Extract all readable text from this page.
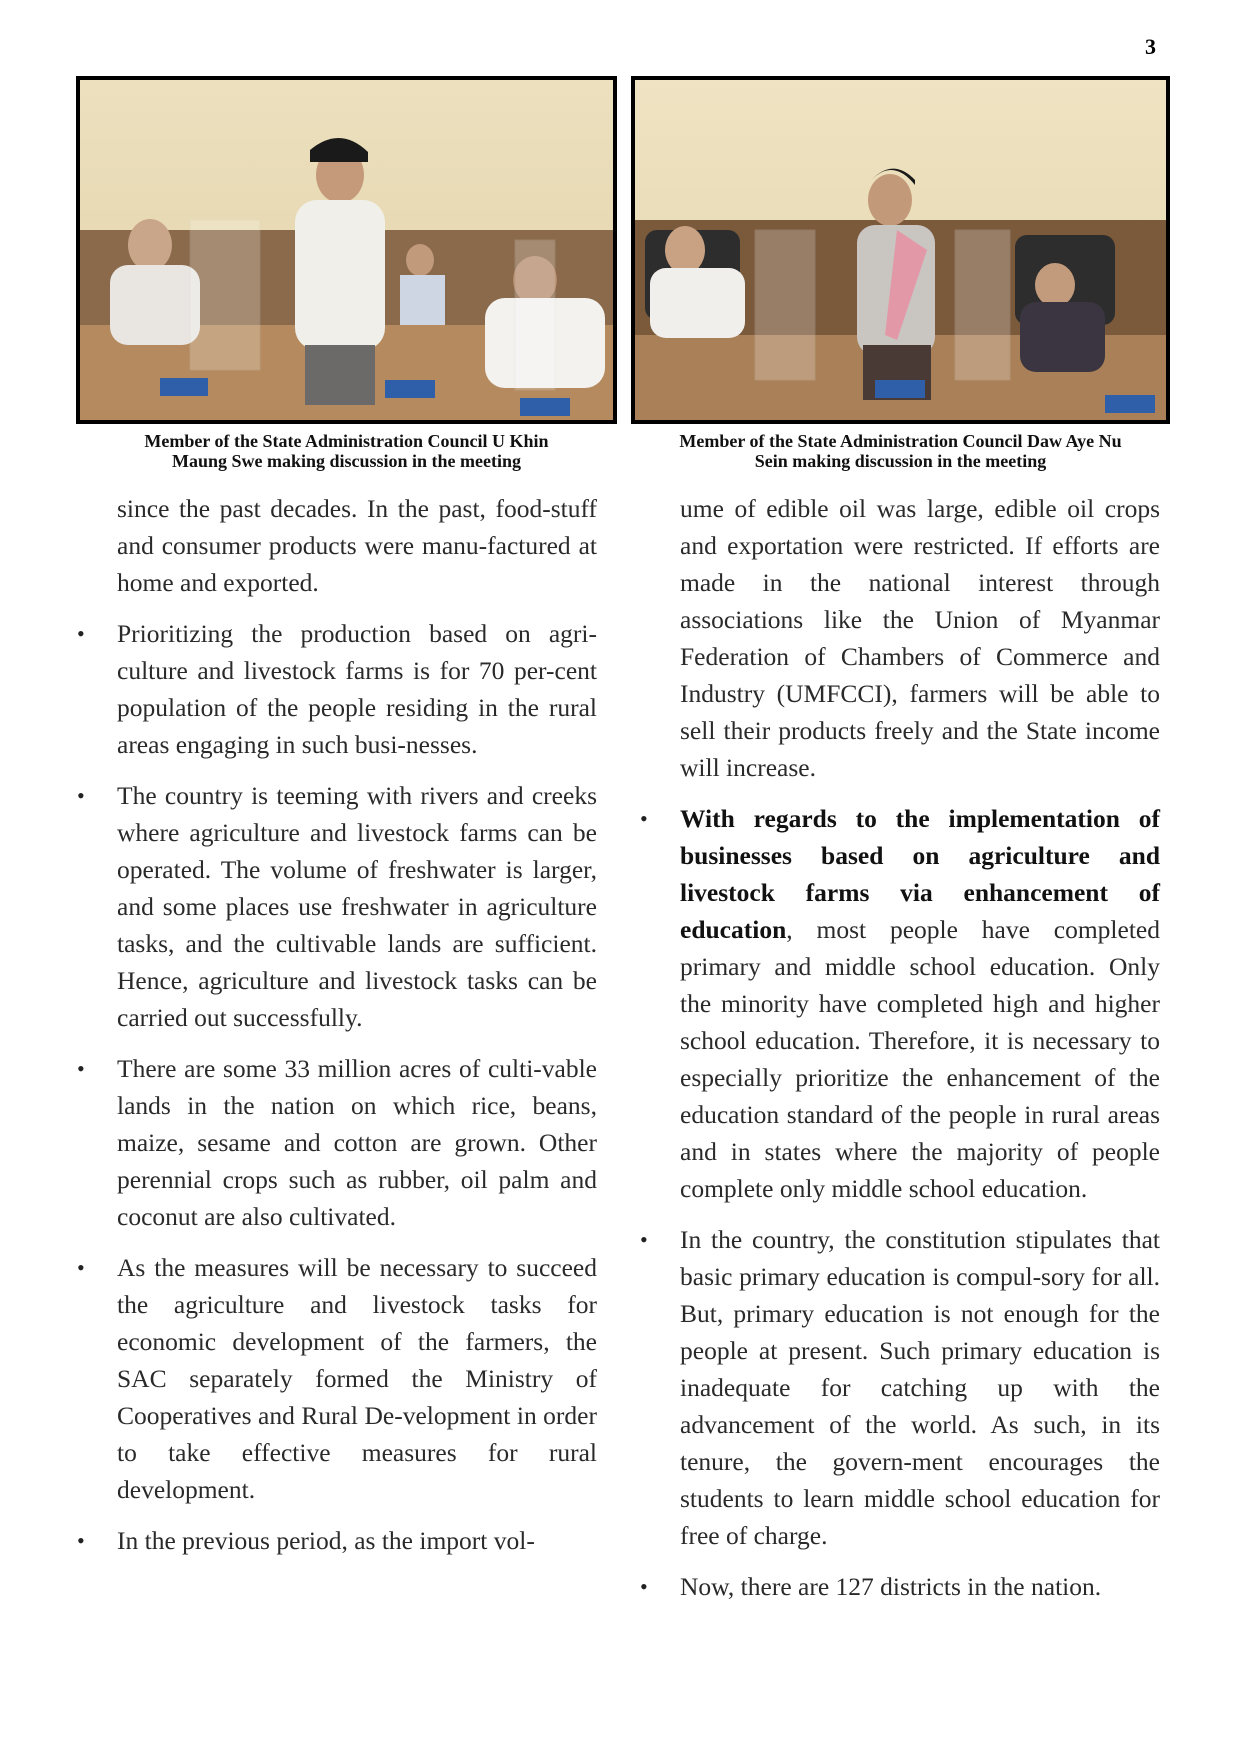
3
Member of the State Administration Council U Khin
Maung Swe making discussion in the meeting
Member of the State Administration Council Daw Aye Nu
Sein making discussion in the meeting

since the past decades. In the past, food-stuff and consumer products were manu-factured at home and exported.

• Prioritizing the production based on agri-culture and livestock farms is for 70 per-cent population of the people residing in the rural areas engaging in such busi-nesses.
• The country is teeming with rivers and creeks where agriculture and livestock farms can be operated. The volume of freshwater is larger, and some places use freshwater in agriculture tasks, and the cultivable lands are sufficient. Hence, agriculture and livestock tasks can be carried out successfully.
• There are some 33 million acres of culti-vable lands in the nation on which rice, beans, maize, sesame and cotton are grown. Other perennial crops such as rubber, oil palm and coconut are also cultivated.
• As the measures will be necessary to succeed the agriculture and livestock tasks for economic development of the farmers, the SAC separately formed the Ministry of Cooperatives and Rural De-velopment in order to take effective measures for rural development.
• In the previous period, as the import vol-

ume of edible oil was large, edible oil crops and exportation were restricted. If efforts are made in the national interest through associations like the Union of Myanmar Federation of Chambers of Commerce and Industry (UMFCCI), farmers will be able to sell their products freely and the State income will increase.

• With regards to the implementation of businesses based on agriculture and livestock farms via enhancement of education, most people have completed primary and middle school education. Only the minority have completed high and higher school education. Therefore, it is necessary to especially prioritize the enhancement of the education standard of the people in rural areas and in states where the majority of people complete only middle school education.
• In the country, the constitution stipulates that basic primary education is compul-sory for all. But, primary education is not enough for the people at present. Such primary education is inadequate for catching up with the advancement of the world. As such, in its tenure, the govern-ment encourages the students to learn middle school education for free of charge.
• Now, there are 127 districts in the nation.
